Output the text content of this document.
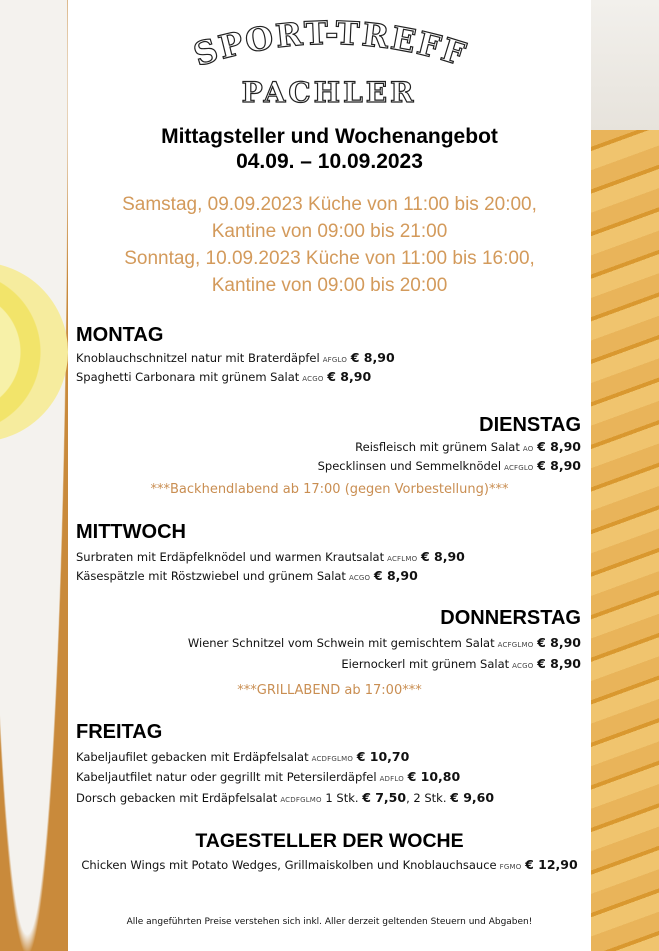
SPORT-TREFF
PACHLER
Mittagsteller und Wochenangebot
04.09. – 10.09.2023
Samstag, 09.09.2023 Küche von 11:00 bis 20:00,
Kantine von 09:00 bis 21:00
Sonntag, 10.09.2023 Küche von 11:00 bis 16:00,
Kantine von 09:00 bis 20:00
MONTAG
Knoblauchschnitzel natur mit Braterdäpfel AFGLO € 8,90
Spaghetti Carbonara mit grünem Salat ACGO € 8,90
DIENSTAG
Reisfleisch mit grünem Salat AO € 8,90
Specklinsen und Semmelknödel ACFGLO € 8,90
***Backhendlabend ab 17:00 (gegen Vorbestellung)***
MITTWOCH
Surbraten mit Erdäpfelknödel und warmen Krautsalat ACFLMO € 8,90
Käsespätzle mit Röstzwiebel und grünem Salat ACGO € 8,90
DONNERSTAG
Wiener Schnitzel vom Schwein mit gemischtem Salat ACFGLMO € 8,90
Eiernockerl mit grünem Salat ACGO € 8,90
***GRILLABEND ab 17:00***
FREITAG
Kabeljaufilet gebacken mit Erdäpfelsalat ACDFGLMO € 10,70
Kabeljautfilet natur oder gegrillt mit Petersilerdäpfel ADFLO € 10,80
Dorsch gebacken mit Erdäpfelsalat ACDFGLMO 1 Stk. € 7,50, 2 Stk. € 9,60
TAGESTELLER DER WOCHE
Chicken Wings mit Potato Wedges, Grillmaiskolben und Knoblauchsauce FGMO € 12,90
Alle angeführten Preise verstehen sich inkl. Aller derzeit geltenden Steuern und Abgaben!
